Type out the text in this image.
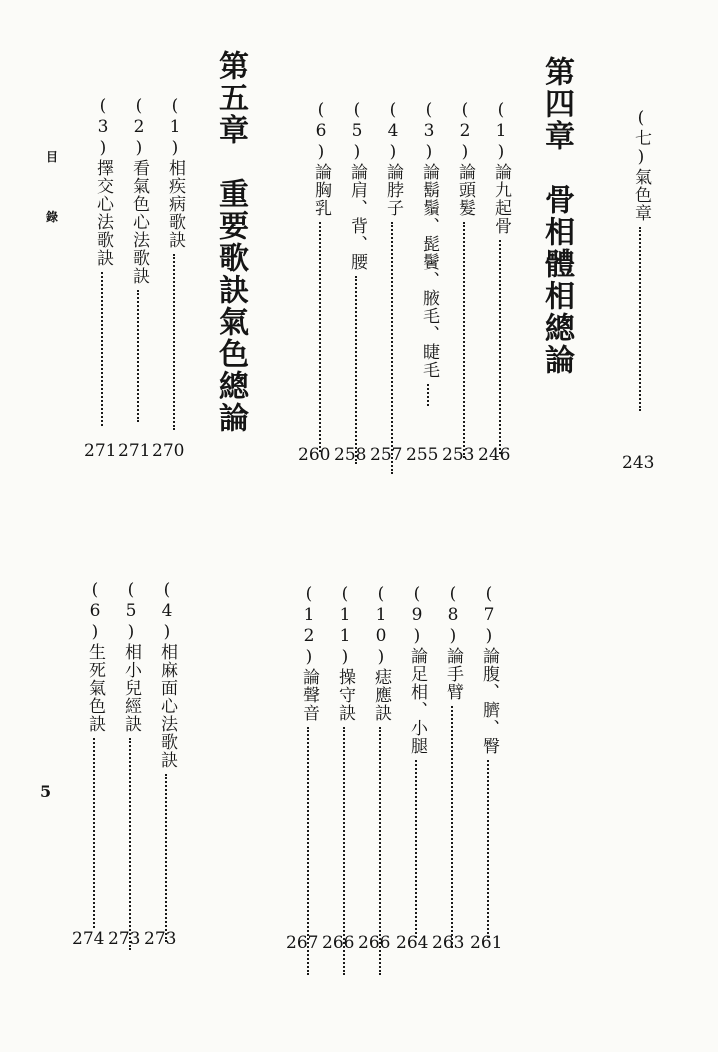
目
錄
5
(七)氣色章
243
第四章　骨相體相總論
(1)論九起骨
(2)論頭髮
(3)論鬍鬚、髭鬢、腋毛、睫毛
(4)論脖子
(5)論肩、背、腰
(6)論胸乳
246
253
255
257
258
260
第五章　重要歌訣氣色總論
(1)相疾病歌訣
(2)看氣色心法歌訣
(3)擇交心法歌訣
270
271
271
(7)論腹、臍、臀
(8)論手臂
(9)論足相、小腿
(10)痣應訣
(11)操守訣
(12)論聲音
261
263
264
266
266
267
(4)相麻面心法歌訣
(5)相小兒經訣
(6)生死氣色訣
273
273
274
